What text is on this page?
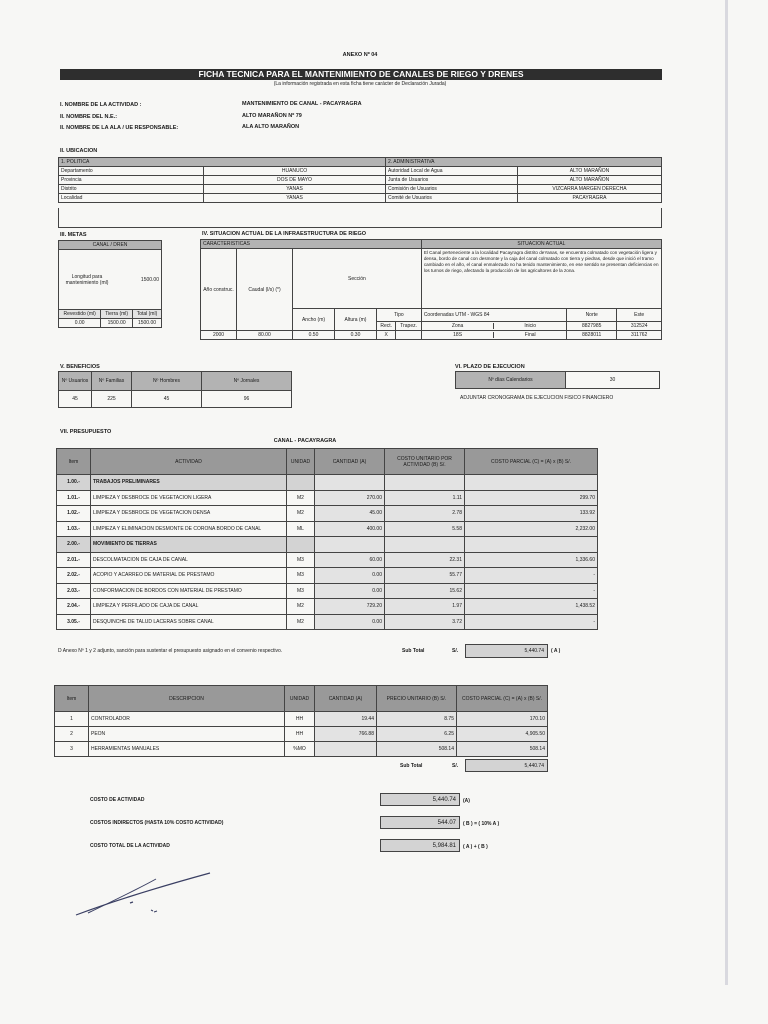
ANEXO Nº 04
FICHA TECNICA PARA EL MANTENIMIENTO DE CANALES DE RIEGO Y DRENES
(La información registrada en esta ficha tiene carácter de Declaración Jurada)
I. NOMBRE DE LA ACTIVIDAD :	MANTENIMIENTO DE CANAL - PACAYRAGRA
II. NOMBRE DEL N.E.:	ALTO MARAÑON Nº 79
II. NOMBRE DE LA ALA / UE RESPONSABLE:	ALA ALTO MARAÑON
II. UBICACION
1. POLITICA		2. ADMINISTRATIVA	
Departamento	HUANUCO	Autoridad Local de Agua	ALTO MARAÑON
Provincia	DOS DE MAYO	Junta de Usuarios	ALTO MARAÑON
Distrito	YANAS	Comisión de Usuarios	VIZCARRA MARGEN DERECHA
Localidad	YANAS	Comité de Usuarios	PACAYRAGRA
III. METAS
CANAL / DREN		

Longitud para mantenimiento (ml) 1500.00		

Revestido (ml)	Tierra (ml)	Total (ml)
0.00	1500.00	1500.00
IV. SITUACION ACTUAL DE LA INFRAESTRUCTURA DE RIEGO
CARACTERISTICAS						SITUACION ACTUAL		
Año construc.	Caudal (l/s) (*)	Sección				El Canal perteneciente a la localidad Pacayragra distrito deYanas, se encuentra colmatado con vegetación ligera y densa, bordo de canal con desmonte y la caja del canal colmatado con tierra y piedras, desde que inició el tramo cambiado en el año, el canal enmalezado no ha tenido mantenimiento, en ese sentido se presentan deficiencias en los turnos de riego, afectando la producción de los agricultores de la zona.		
		Ancho (m)	Altura (m)	Tipo		Coordenadas UTM - WGS 84	Norte	Este
				Rect.	Trapez.	Zona Inicio	8827985	312524
2000	80.00	0.50	0.30	X		18S Final	8828011	311762
V. BENEFICIOS
Nº Usuarios	Nº Familias	Nº Hombres	Nº Jornales
45	225	45	96
VI. PLAZO DE EJECUCION
Nº días Calendarios	30
ADJUNTAR CRONOGRAMA DE EJECUCION FISICO FINANCIERO
VII. PRESUPUESTO
CANAL - PACAYRAGRA
Item	ACTIVIDAD	UNIDAD	CANTIDAD (A)	COSTO UNITARIO POR ACTIVIDAD (B) S/.	COSTO PARCIAL (C) = (A) x (B) S/.
1.00.-	TRABAJOS PRELIMINARES				
1.01.-	LIMPIEZA Y DESBROCE DE VEGETACION LIGERA	M2	270.00	1.11	299.70
1.02.-	LIMPIEZA Y DESBROCE DE VEGETACION DENSA	M2	45.00	2.78	133.92
1.03.-	LIMPIEZA Y ELIMINACION DESMONTE DE CORONA BORDO DE CANAL	ML	400.00	5.58	2,232.00
2.00.-	MOVIMIENTO DE TIERRAS				
2.01.-	DESCOLMATACION DE CAJA DE CANAL	M3	60.00	22.31	1,336.60
2.02.-	ACOPIO Y ACARREO DE MATERIAL DE PRESTAMO	M3	0.00	55.77	-
2.03.-	CONFORMACION DE BORDOS CON MATERIAL DE PRESTAMO	M3	0.00	15.62	-
2.04.-	LIMPIEZA Y PERFILADO DE CAJA DE CANAL	M2	729.20	1.97	1,438.52
3.05.-	DESQUINCHE DE TALUD LACERAS SOBRE CANAL	M2	0.00	3.72	-
D Anexo Nº 1 y 2 adjunto, sanción para sustentar el presupuesto asignado en el convenio respectivo.	Sub Total	S/.	5,440.74	( A )
Item	DESCRIPCION	UNIDAD	CANTIDAD (A)	PRECIO UNITARIO (B) S/.	COSTO PARCIAL (C) = (A) x (B) S/.
1	CONTROLADOR	HH	19.44	8.75	170.10
2	PEON	HH	766.88	6.25	4,905.50
3	HERRAMIENTAS MANUALES	%MO		508.14	508.14
Sub Total	S/.	5,440.74
COSTO DE ACTIVIDAD	5,440.74	(A)
COSTOS INDIRECTOS (HASTA 10% COSTO ACTIVIDAD)	544.07	( B ) = ( 10% A )
COSTO TOTAL DE LA ACTIVIDAD	5,984.81	( A ) + ( B )
